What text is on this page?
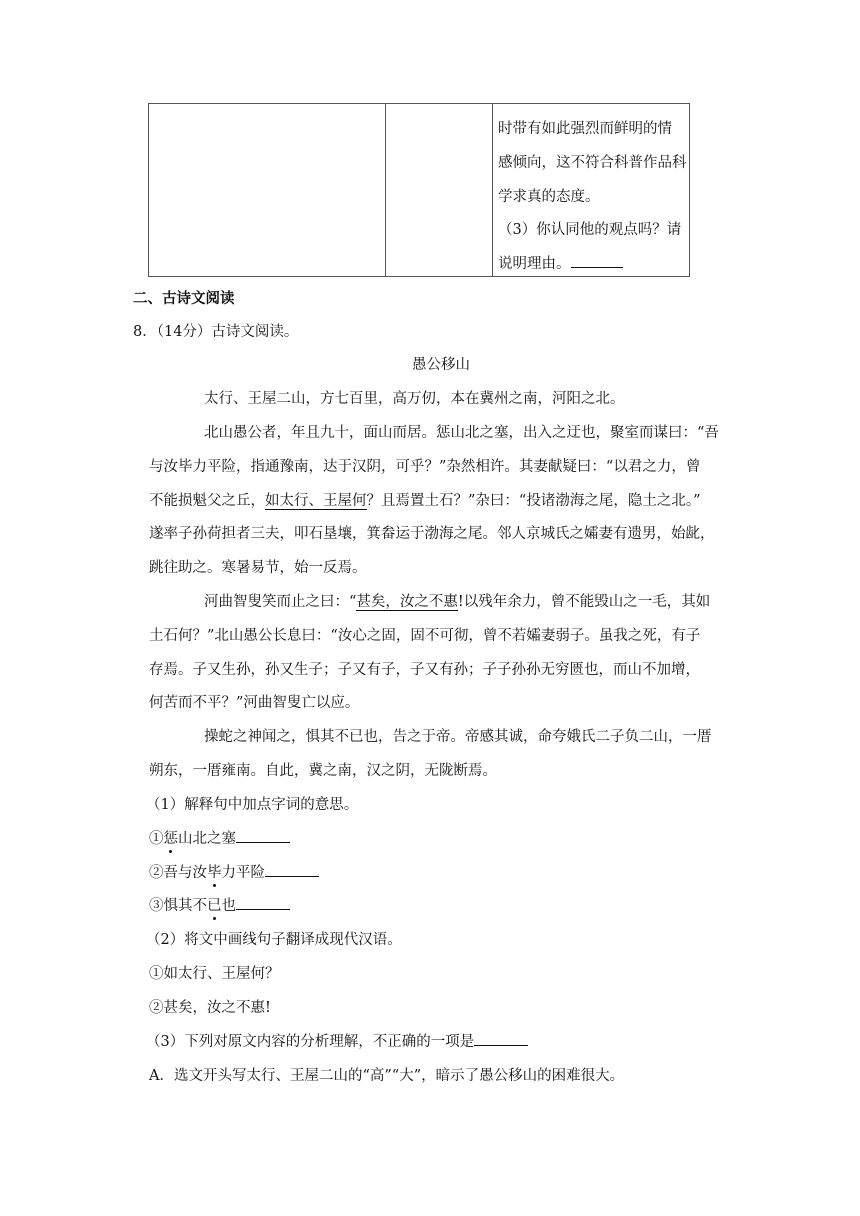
时带有如此强烈而鲜明的情
感倾向，这不符合科普作品科
学求真的态度。
（3）你认同他的观点吗？请
说明理由。
二、古诗文阅读
8．（14分）古诗文阅读。
愚公移山
太行、王屋二山，方七百里，高万仞，本在冀州之南，河阳之北。
北山愚公者，年且九十，面山而居。惩山北之塞，出入之迂也，聚室而谋曰：“吾
与汝毕力平险，指通豫南，达于汉阴，可乎？”杂然相许。其妻献疑曰：“以君之力，曾
不能损魁父之丘，如太行、王屋何？且焉置土石？”杂曰：“投诸渤海之尾，隐土之北。”
遂率子孙荷担者三夫，叩石垦壤，箕畚运于渤海之尾。邻人京城氏之孀妻有遗男，始龀，
跳往助之。寒暑易节，始一反焉。
河曲智叟笑而止之曰：“甚矣，汝之不惠!以残年余力，曾不能毁山之一毛，其如
土石何？”北山愚公长息曰：“汝心之固，固不可彻，曾不若孀妻弱子。虽我之死，有子
存焉。子又生孙，孙又生子；子又有子，子又有孙；子子孙孙无穷匮也，而山不加增，
何苦而不平？”河曲智叟亡以应。
操蛇之神闻之，惧其不已也，告之于帝。帝感其诚，命夸娥氏二子负二山，一厝
朔东，一厝雍南。自此，冀之南，汉之阴，无陇断焉。
（1）解释句中加点字词的意思。
①惩山北之塞
②吾与汝毕力平险
③惧其不已也
（2）将文中画线句子翻译成现代汉语。
①如太行、王屋何？
②甚矣，汝之不惠!
（3）下列对原文内容的分析理解，不正确的一项是
A．选文开头写太行、王屋二山的“高”“大”，暗示了愚公移山的困难很大。
